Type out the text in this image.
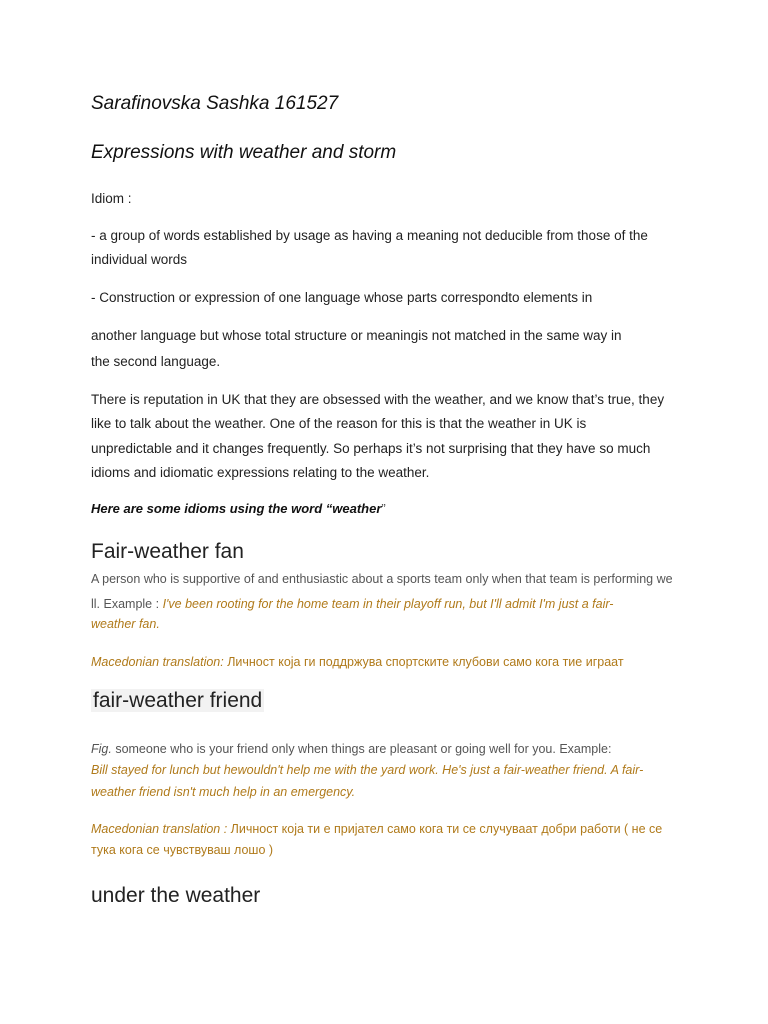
Sarafinovska Sashka 161527
Expressions with weather and storm
Idiom :
- a group of words established by usage as having a meaning not deducible from those of the
individual words
- Construction or expression of one language whose parts correspondto elements in
another language but whose total structure or meaningis not matched in the same way in
the second language.
There is reputation in UK that they are obsessed with the weather, and we know that’s true, they
like to talk about the weather. One of the reason for this is that the weather in UK is
unpredictable and it changes frequently. So perhaps it’s not surprising that they have so much
idioms and idiomatic expressions relating to the weather.
Here are some idioms using the word “weather”
Fair-weather fan
A person who is supportive of and enthusiastic about a sports team only when that team is performing we
ll. Example : I've been rooting for the home team in their playoff run, but I'll admit I'm just a fair-
weather fan.
Macedonian translation: Личност која ги поддржува спортските клубови само кога тие играат
fair-weather friend
Fig. someone who is your friend only when things are pleasant or going well for you. Example:
Bill stayed for lunch but hewouldn't help me with the yard work. He's just a fair-weather friend. A fair-
weather friend isn't much help in an emergency.
Macedonian translation : Личност која ти е пријател само кога ти се случуваат добри работи ( не се
тука кога се чувствуваш лошо )
under the weather
